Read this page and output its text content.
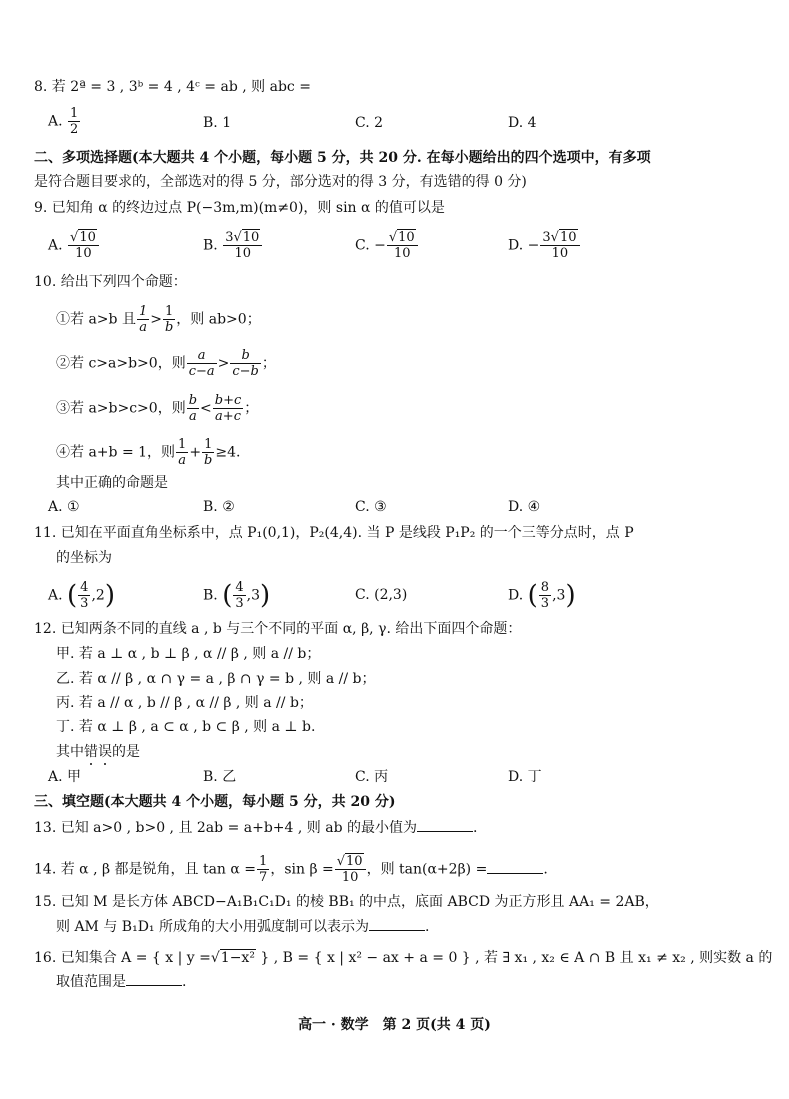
8. 若 2ª = 3 , 3ᵇ = 4 , 4ᶜ = ab , 则 abc =
A. $\frac{1}{2}$	B. 1	C. 2	D. 4
二、多项选择题(本大题共 4 个小题，每小题 5 分，共 20 分. 在每小题给出的四个选项中，有多项
是符合题目要求的，全部选对的得 5 分，部分选对的得 3 分，有选错的得 0 分)
9. 已知角 α 的终边过点 P(−3m,m)(m≠0)，则 sin α 的值可以是
A. $\frac{√10}{10}$	B. $\frac{3√10}{10}$	C. − $\frac{√10}{10}$	D. − $\frac{3√10}{10}$
10. 给出下列四个命题：
①若 a>b 且 $\frac{1}{a} > \frac{1}{b}$ ，则 ab>0；
②若 c>a>b>0，则 $\frac{a}{c-a} > \frac{b}{c-b}$ ；
③若 a>b>c>0，则 $\frac{b}{a} < \frac{b+c}{a+c}$ ；
④若 a+b = 1，则 $\frac{1}{a} + \frac{1}{b} \ge 4$.
其中正确的命题是
A. ①	B. ②	C. ③	D. ④
11. 已知在平面直角坐标系中，点 P₁(0,1)，P₂(4,4). 当 P 是线段 P₁P₂ 的一个三等分点时，点 P
的坐标为
A. ( $\frac{4}{3} ,2$)	B. ( $\frac{4}{3} ,3$)	C. (2,3)	D. ( $\frac{8}{3} ,3$)
12. 已知两条不同的直线 a , b 与三个不同的平面 α, β, γ. 给出下面四个命题：
甲. 若 a ⊥ α , b ⊥ β , α // β , 则 a // b；
乙. 若 α // β , α ∩ γ = a , β ∩ γ = b , 则 a // b；
丙. 若 a // α , b // β , α // β , 则 a // b；
丁. 若 α ⊥ β , a ⊂ α , b ⊂ β , 则 a ⊥ b.
其中错误的是
A. 甲	B. 乙	C. 丙	D. 丁
三、填空题(本大题共 4 个小题，每小题 5 分，共 20 分)
13. 已知 a>0 , b>0 , 且 2ab = a+b+4 , 则 ab 的最小值为	.
14. 若 α , β 都是锐角，且 $\tan \alpha = \frac{1}{7}$ ，$\sin \beta = \frac{√10}{10}$ ，则 tan(α+2β) =	.
15. 已知 M 是长方体 ABCD−A₁B₁C₁D₁ 的棱 BB₁ 的中点，底面 ABCD 为正方形且 AA₁ = 2AB，
则 AM 与 B₁D₁ 所成角的大小用弧度制可以表示为	.
16. 已知集合 A = { x | y =√1−x² } , B = { x | x² − ax + a = 0 } , 若 ∃ x₁ , x₂ ∈ A ∩ B 且 x₁ ≠ x₂ , 则实数 a 的
取值范围是	.
高一 · 数学　第 2 页(共 4 页)
